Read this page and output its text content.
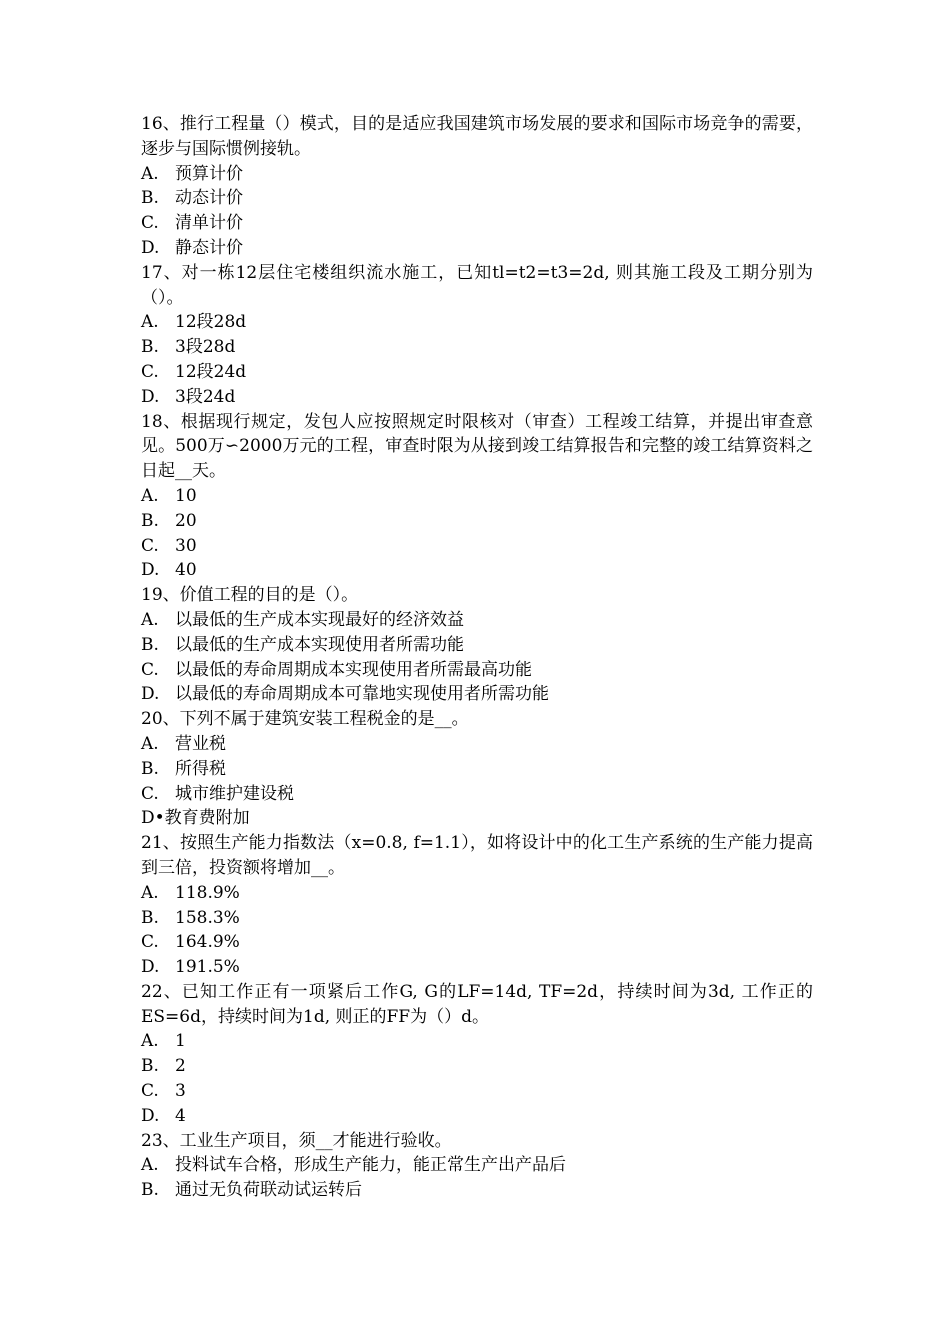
16、推行工程量（）模式，目的是适应我国建筑市场发展的要求和国际市场竞争的需要，逐步与国际惯例接轨。

A. 预算计价
B. 动态计价
C. 清单计价
D. 静态计价

17、对一栋12层住宅楼组织流水施工，已知tl=t2=t3=2d, 则其施工段及工期分别为（）。

A. 12段28d
B. 3段28d
C. 12段24d
D. 3段24d

18、根据现行规定，发包人应按照规定时限核对（审查）工程竣工结算，并提出审查意见。500万∽2000万元的工程，审查时限为从接到竣工结算报告和完整的竣工结算资料之日起__天。

A. 10
B. 20
C. 30
D. 40

19、价值工程的目的是（）。

A. 以最低的生产成本实现最好的经济效益
B. 以最低的生产成本实现使用者所需功能
C. 以最低的寿命周期成本实现使用者所需最高功能
D. 以最低的寿命周期成本可靠地实现使用者所需功能

20、下列不属于建筑安装工程税金的是__。

A. 营业税
B. 所得税
C. 城市维护建设税
D• 教育费附加

21、按照生产能力指数法（x=0.8, f=1.1），如将设计中的化工生产系统的生产能力提高到三倍，投资额将增加__。

A. 118.9%
B. 158.3%
C. 164.9%
D. 191.5%

22、已知工作正有一项紧后工作G, G的LF=14d, TF=2d，持续时间为3d, 工作正的ES=6d，持续时间为1d, 则正的FF为（）d。

A. 1
B. 2
C. 3
D. 4

23、工业生产项目，须__才能进行验收。

A. 投料试车合格，形成生产能力，能正常生产出产品后
B. 通过无负荷联动试运转后
